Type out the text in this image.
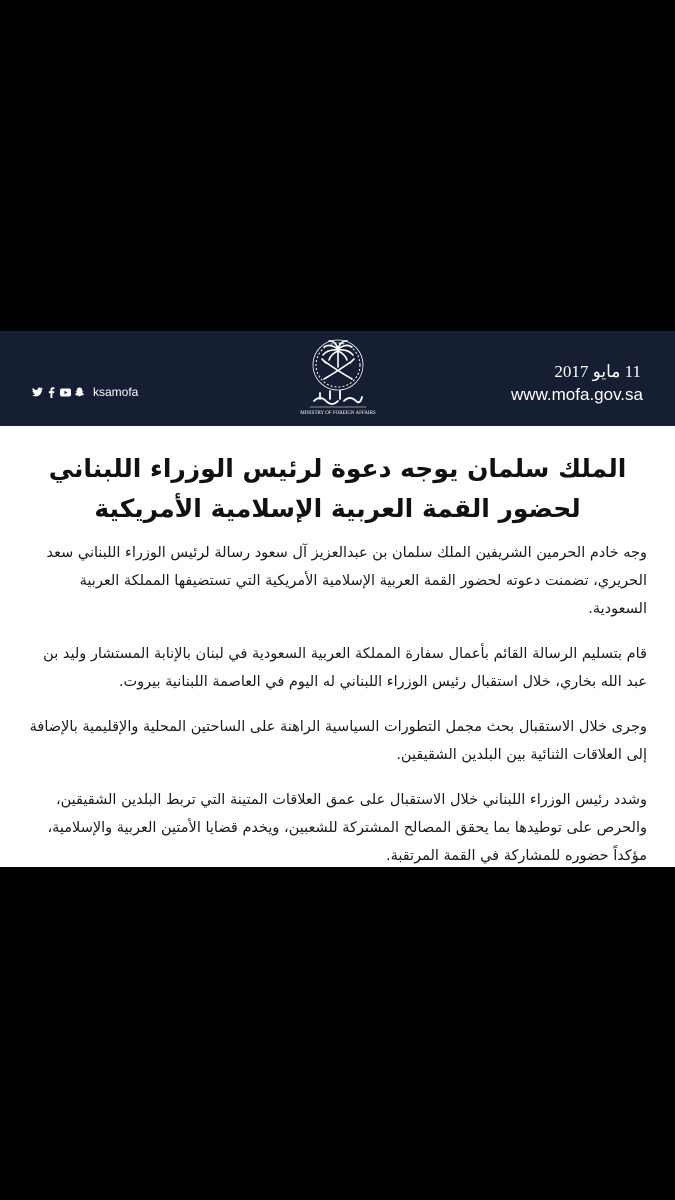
ksamofa
MINISTRY OF FOREIGN AFFAIRS
11 مايو 2017
www.mofa.gov.sa
الملك سلمان يوجه دعوة لرئيس الوزراء اللبناني
لحضور القمة العربية الإسلامية الأمريكية

وجه خادم الحرمين الشريفين الملك سلمان بن عبدالعزيز آل سعود رسالة لرئيس الوزراء اللبناني سعد الحريري، تضمنت دعوته لحضور القمة العربية الإسلامية الأمريكية التي تستضيفها المملكة العربية السعودية.

قام بتسليم الرسالة القائم بأعمال سفارة المملكة العربية السعودية في لبنان بالإنابة المستشار وليد بن عبد الله بخاري، خلال استقبال رئيس الوزراء اللبناني له اليوم في العاصمة اللبنانية بيروت.

وجرى خلال الاستقبال بحث مجمل التطورات السياسية الراهنة على الساحتين المحلية والإقليمية بالإضافة إلى العلاقات الثنائية بين البلدين الشقيقين.

وشدد رئيس الوزراء اللبناني خلال الاستقبال على عمق العلاقات المتينة التي تربط البلدين الشقيقين، والحرص على توطيدها بما يحقق المصالح المشتركة للشعبين، ويخدم قضايا الأمتين العربية والإسلامية، مؤكداً حضوره للمشاركة في القمة المرتقبة.
